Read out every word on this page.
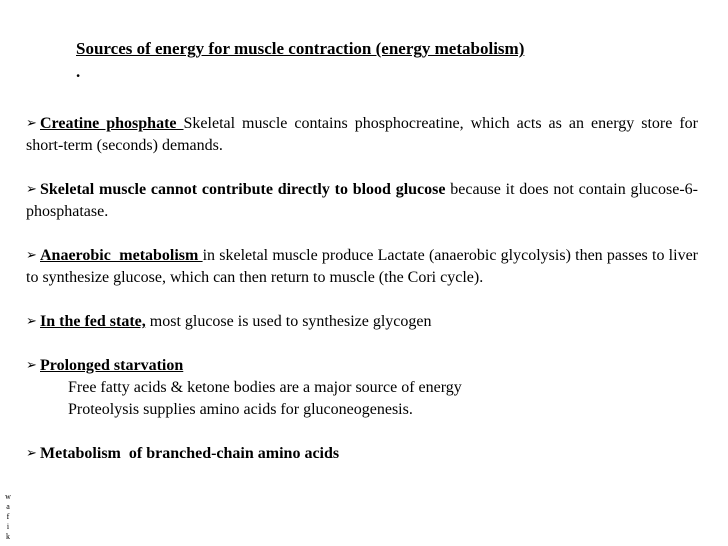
Sources of energy for muscle contraction (energy metabolism)
.
➢ Creatine phosphate Skeletal muscle contains phosphocreatine, which acts as an energy store for short-term (seconds) demands.
➢ Skeletal muscle cannot contribute directly to blood glucose because it does not contain glucose-6-phosphatase.
➢ Anaerobic  metabolism in skeletal muscle produce Lactate (anaerobic glycolysis) then passes to liver to synthesize glucose, which can then return to muscle (the Cori cycle).
➢ In the fed state, most glucose is used to synthesize glycogen
➢ Prolonged starvation
Free fatty acids & ketone bodies are a major source of energy
Proteolysis supplies amino acids for gluconeogenesis.
➢ Metabolism  of branched-chain amino acids
w
a
f
i
k
